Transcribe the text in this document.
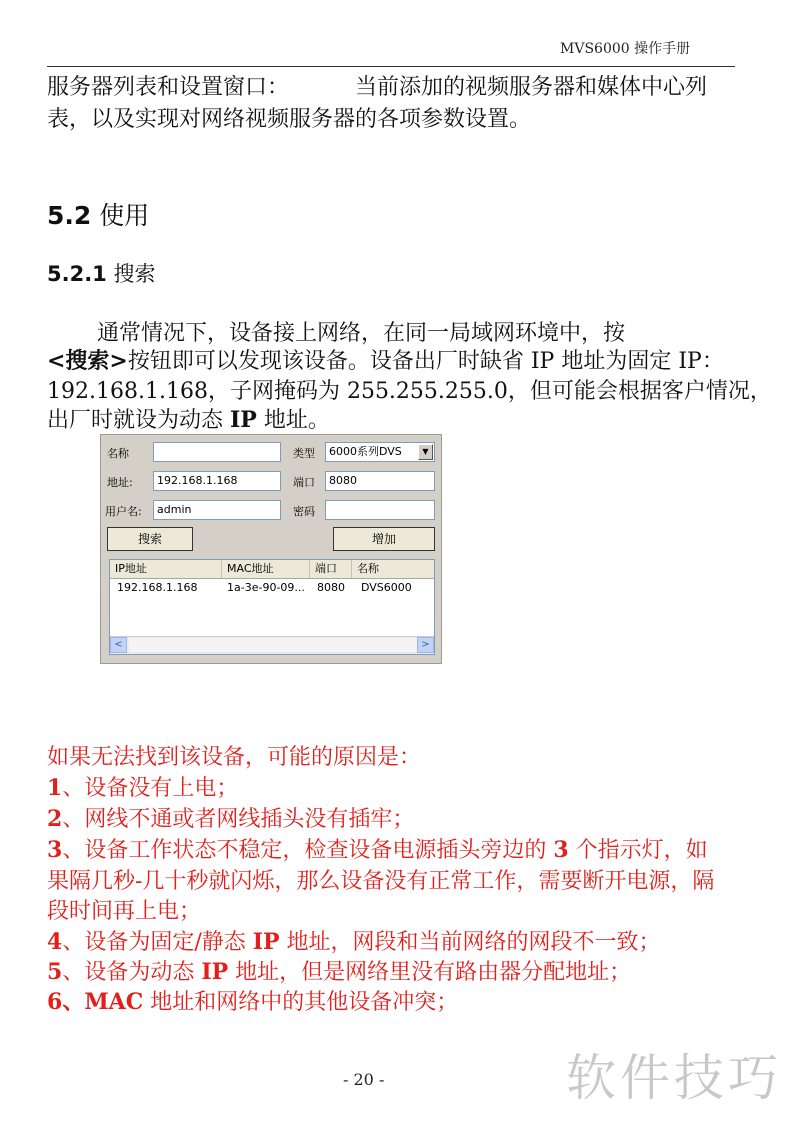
MVS6000 操作手册
服务器列表和设置窗口：	当前添加的视频服务器和媒体中心列
表，以及实现对网络视频服务器的各项参数设置。
5.2 使用
5.2.1 搜索
通常情况下，设备接上网络，在同一局域网环境中，按
<搜索>按钮即可以发现该设备。设备出厂时缺省 IP 地址为固定 IP：
192.168.1.168，子网掩码为 255.255.255.0，但可能会根据客户情况，
出厂时就设为动态 IP 地址。
名称	类型	6000系列DVS	▼
地址:	192.168.1.168	端口	8080
用户名:	admin	密码
搜索	增加
IP地址	MAC地址	端口	名称
192.168.1.168	1a-3e-90-09...	8080	DVS6000
<	>
如果无法找到该设备，可能的原因是：
1、设备没有上电；
2、网线不通或者网线插头没有插牢；
3、设备工作状态不稳定，检查设备电源插头旁边的 3 个指示灯，如
果隔几秒-几十秒就闪烁，那么设备没有正常工作，需要断开电源，隔
段时间再上电；
4、设备为固定/静态 IP 地址，网段和当前网络的网段不一致；
5、设备为动态 IP 地址，但是网络里没有路由器分配地址；
6、MAC 地址和网络中的其他设备冲突；
- 20 -	软件技巧
